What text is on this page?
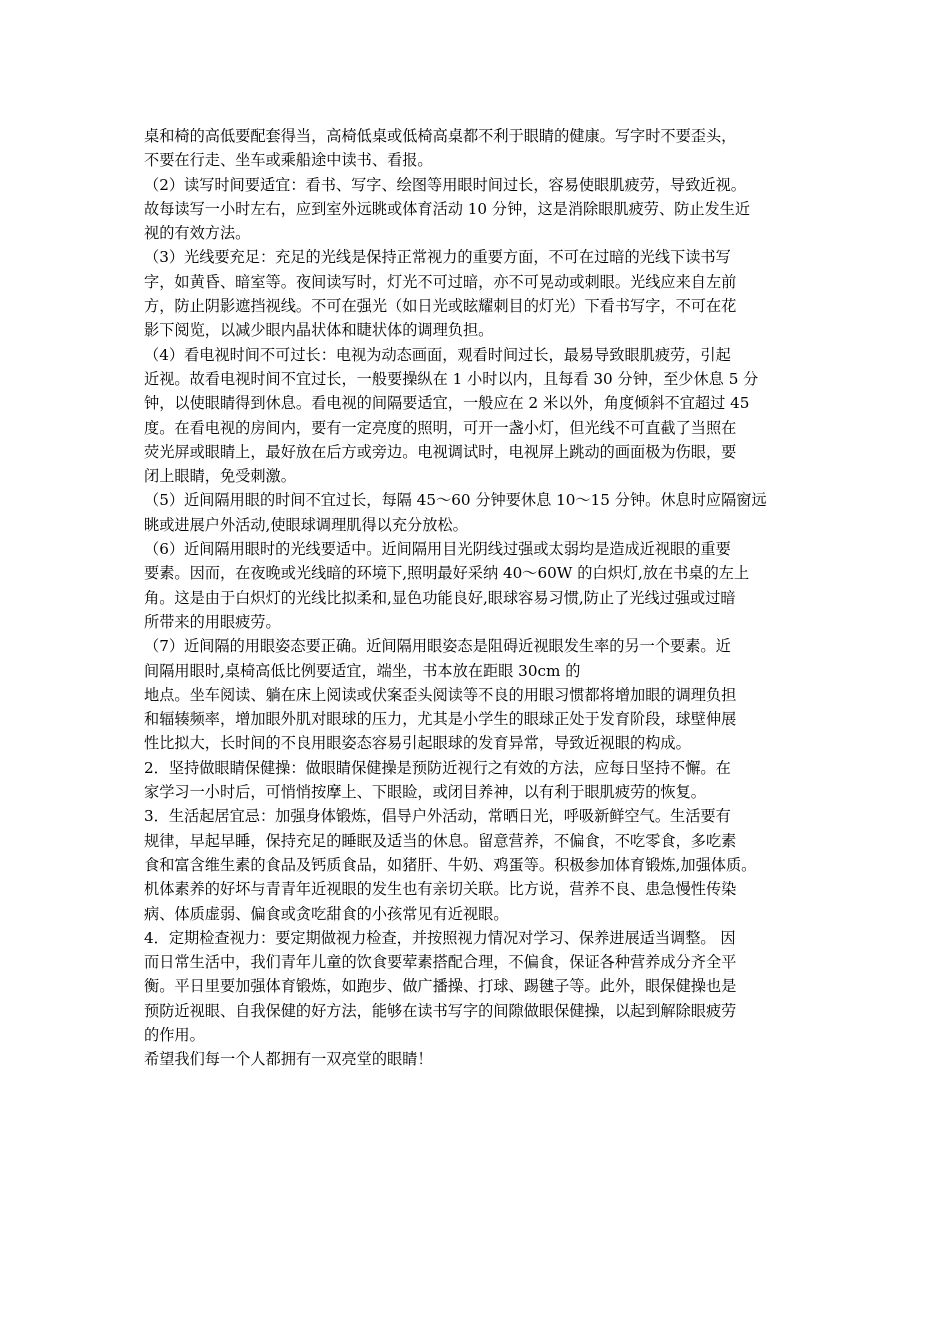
桌和椅的高低要配套得当，高椅低桌或低椅高桌都不利于眼睛的健康。写字时不要歪头，
不要在行走、坐车或乘船途中读书、看报。
（2）读写时间要适宜：看书、写字、绘图等用眼时间过长，容易使眼肌疲劳，导致近视。
故每读写一小时左右，应到室外远眺或体育活动 10 分钟，这是消除眼肌疲劳、防止发生近
视的有效方法。
（3）光线要充足：充足的光线是保持正常视力的重要方面，不可在过暗的光线下读书写
字，如黄昏、暗室等。夜间读写时，灯光不可过暗，亦不可晃动或刺眼。光线应来自左前
方，防止阴影遮挡视线。不可在强光（如日光或眩耀刺目的灯光）下看书写字，不可在花
影下阅览，以减少眼内晶状体和睫状体的调理负担。
（4）看电视时间不可过长：电视为动态画面，观看时间过长，最易导致眼肌疲劳，引起
近视。故看电视时间不宜过长，一般要操纵在 1 小时以内，且每看 30 分钟，至少休息 5 分
钟，以使眼睛得到休息。看电视的间隔要适宜，一般应在 2 米以外，角度倾斜不宜超过 45
度。在看电视的房间内，要有一定亮度的照明，可开一盏小灯，但光线不可直截了当照在
荧光屏或眼睛上，最好放在后方或旁边。电视调试时，电视屏上跳动的画面极为伤眼，要
闭上眼睛，免受刺激。
（5）近间隔用眼的时间不宜过长，每隔 45～60 分钟要休息 10～15 分钟。休息时应隔窗远
眺或进展户外活动,使眼球调理肌得以充分放松。
（6）近间隔用眼时的光线要适中。近间隔用目光阴线过强或太弱均是造成近视眼的重要
要素。因而，在夜晚或光线暗的环境下,照明最好采纳 40～60W 的白炽灯,放在书桌的左上
角。这是由于白炽灯的光线比拟柔和,显色功能良好,眼球容易习惯,防止了光线过强或过暗
所带来的用眼疲劳。
（7）近间隔的用眼姿态要正确。近间隔用眼姿态是阻碍近视眼发生率的另一个要素。近
间隔用眼时,桌椅高低比例要适宜，端坐，书本放在距眼 30cm 的
地点。坐车阅读、躺在床上阅读或伏案歪头阅读等不良的用眼习惯都将增加眼的调理负担
和辐辏频率，增加眼外肌对眼球的压力，尤其是小学生的眼球正处于发育阶段，球壁伸展
性比拟大，长时间的不良用眼姿态容易引起眼球的发育异常，导致近视眼的构成。
2．坚持做眼睛保健操：做眼睛保健操是预防近视行之有效的方法，应每日坚持不懈。在
家学习一小时后，可悄悄按摩上、下眼睑，或闭目养神，以有利于眼肌疲劳的恢复。
3．生活起居宜忌：加强身体锻炼，倡导户外活动，常晒日光，呼吸新鲜空气。生活要有
规律，早起早睡，保持充足的睡眠及适当的休息。留意营养，不偏食，不吃零食，多吃素
食和富含维生素的食品及钙质食品，如猪肝、牛奶、鸡蛋等。积极参加体育锻炼,加强体质。
机体素养的好坏与青青年近视眼的发生也有亲切关联。比方说，营养不良、患急慢性传染
病、体质虚弱、偏食或贪吃甜食的小孩常见有近视眼。
4．定期检查视力：要定期做视力检查，并按照视力情况对学习、保养进展适当调整。 因
而日常生活中，我们青年儿童的饮食要荤素搭配合理，不偏食，保证各种营养成分齐全平
衡。平日里要加强体育锻炼，如跑步、做广播操、打球、踢毽子等。此外，眼保健操也是
预防近视眼、自我保健的好方法，能够在读书写字的间隙做眼保健操，以起到解除眼疲劳
的作用。
希望我们每一个人都拥有一双亮堂的眼睛！
